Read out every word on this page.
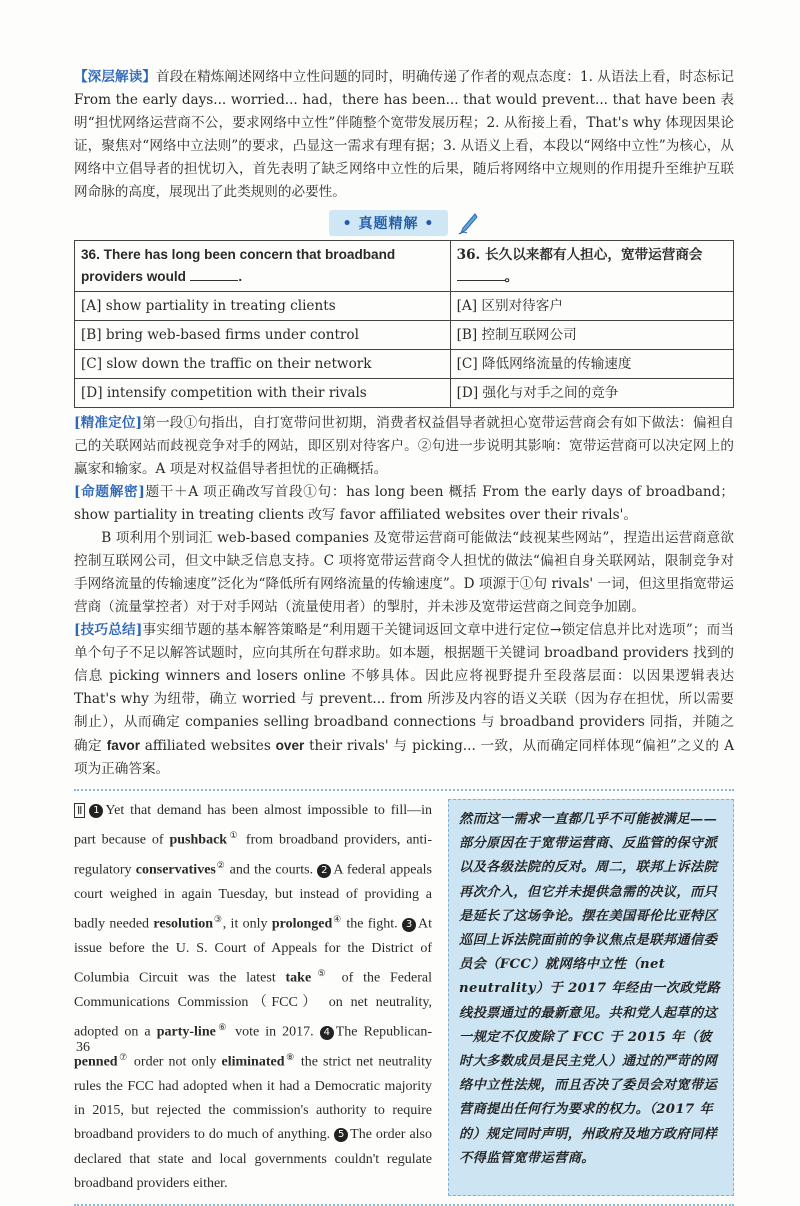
【深层解读】首段在精炼阐述网络中立性问题的同时，明确传递了作者的观点态度：1. 从语法上看，时态标记 From the early days... worried... had，there has been... that would prevent... that have been 表明“担忧网络运营商不公，要求网络中立性”伴随整个宽带发展历程；2. 从衔接上看，That's why 体现因果论证，聚焦对“网络中立法则”的要求，凸显这一需求有理有据；3. 从语义上看，本段以“网络中立性”为核心，从网络中立倡导者的担忧切入，首先表明了缺乏网络中立性的后果，随后将网络中立规则的作用提升至维护互联网命脉的高度，展现出了此类规则的必要性。

• 真题精解 •
36. There has long been concern that broadband providers would .	36. 长久以来都有人担心，宽带运营商会。
[A] show partiality in treating clients	[A] 区别对待客户
[B] bring web-based firms under control	[B] 控制互联网公司
[C] slow down the traffic on their network	[C] 降低网络流量的传输速度
[D] intensify competition with their rivals	[D] 强化与对手之间的竞争

[精准定位]第一段①句指出，自打宽带问世初期，消费者权益倡导者就担心宽带运营商会有如下做法：偏袒自己的关联网站而歧视竞争对手的网站，即区别对待客户。②句进一步说明其影响：宽带运营商可以决定网上的赢家和输家。A 项是对权益倡导者担忧的正确概括。

[命题解密]题干＋A 项正确改写首段①句：has long been 概括 From the early days of broadband；show partiality in treating clients 改写 favor affiliated websites over their rivals'。

B 项利用个别词汇 web-based companies 及宽带运营商可能做法“歧视某些网站”，捏造出运营商意欲控制互联网公司，但文中缺乏信息支持。C 项将宽带运营商令人担忧的做法“偏袒自身关联网站，限制竞争对手网络流量的传输速度”泛化为“降低所有网络流量的传输速度”。D 项源于①句 rivals' 一词，但这里指宽带运营商（流量掌控者）对于对手网站（流量使用者）的掣肘，并未涉及宽带运营商之间竞争加剧。

[技巧总结]事实细节题的基本解答策略是“利用题干关键词返回文章中进行定位→锁定信息并比对选项”；而当单个句子不足以解答试题时，应向其所在句群求助。如本题，根据题干关键词 broadband providers 找到的信息 picking winners and losers online 不够具体。因此应将视野提升至段落层面：以因果逻辑表达 That's why 为纽带，确立 worried 与 prevent... from 所涉及内容的语义关联（因为存在担忧，所以需要制止），从而确定 companies selling broadband connections 与 broadband providers 同指，并随之确定 favor affiliated websites over their rivals' 与 picking... 一致，从而确定同样体现“偏袒”之义的 A 项为正确答案。

Ⅱ 1 Yet that demand has been almost impossible to fill—in part because of pushback① from broadband providers, anti-regulatory conservatives② and the courts. 2 A federal appeals court weighed in again Tuesday, but instead of providing a badly needed resolution③, it only prolonged④ the fight. 3 At issue before the U. S. Court of Appeals for the District of Columbia Circuit was the latest take⑤ of the Federal Communications Commission（FCC） on net neutrality, adopted on a party-line⑥ vote in 2017. 4 The Republican-penned⑦ order not only eliminated⑧ the strict net neutrality rules the FCC had adopted when it had a Democratic majority in 2015, but rejected the commission's authority to require broadband providers to do much of anything. 5 The order also declared that state and local governments couldn't regulate broadband providers either.

然而这一需求一直都几乎不可能被满足——部分原因在于宽带运营商、反监管的保守派以及各级法院的反对。周二，联邦上诉法院再次介入，但它并未提供急需的决议，而只是延长了这场争论。摆在美国哥伦比亚特区巡回上诉法院面前的争议焦点是联邦通信委员会（FCC）就网络中立性（net neutrality）于 2017 年经由一次政党路线投票通过的最新意见。共和党人起草的这一规定不仅废除了 FCC 于 2015 年（彼时大多数成员是民主党人）通过的严苛的网络中立性法规，而且否决了委员会对宽带运营商提出任何行为要求的权力。（2017 年的）规定同时声明，州政府及地方政府同样不得监管宽带运营商。
36
